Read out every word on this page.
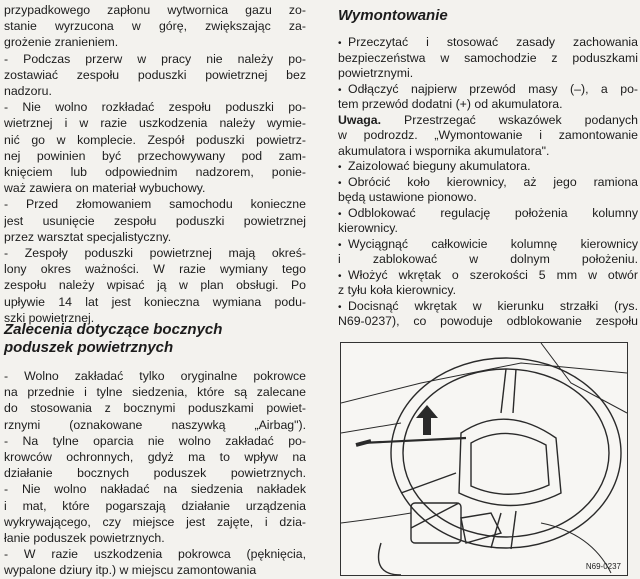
przypadkowego zapłonu wytwornica gazu zo-
stanie wyrzucona w górę, zwiększając za-
grożenie zranieniem.
- Podczas przerw w pracy nie należy po-
zostawiać zespołu poduszki powietrznej bez
nadzoru.
- Nie wolno rozkładać zespołu poduszki po-
wietrznej i w razie uszkodzenia należy wymie-
nić go w komplecie. Zespół poduszki powietrz-
nej powinien być przechowywany pod zam-
knięciem lub odpowiednim nadzorem, ponie-
waż zawiera on materiał wybuchowy.
- Przed złomowaniem samochodu konieczne
jest usunięcie zespołu poduszki powietrznej
przez warsztat specjalistyczny.
- Zespoły poduszki powietrznej mają okreś-
lony okres ważności. W razie wymiany tego
zespołu należy wpisać ją w plan obsługi. Po
upływie 14 lat jest konieczna wymiana podu-
szki powietrznej.
Zalecenia dotyczące bocznych
poduszek powietrznych
- Wolno zakładać tylko oryginalne pokrowce
na przednie i tylne siedzenia, które są zalecane
do stosowania z bocznymi poduszkami powiet-
rznymi (oznakowane naszywką „Airbag").
- Na tylne oparcia nie wolno zakładać po-
krowców ochronnych, gdyż ma to wpływ na
działanie bocznych poduszek powietrznych.
- Nie wolno nakładać na siedzenia nakładek
i mat, które pogarszają działanie urządzenia
wykrywającego, czy miejsce jest zajęte, i dzia-
łanie poduszek powietrznych.
- W razie uszkodzenia pokrowca (pęknięcia,
wypalone dziury itp.) w miejscu zamontowania
Wymontowanie
• Przeczytać i stosować zasady zachowania
bezpieczeństwa w samochodzie z poduszkami
powietrznymi.
• Odłączyć najpierw przewód masy (–), a po-
tem przewód dodatni (+) od akumulatora.
Uwaga. Przestrzegać wskazówek podanych
w podrozdz. „Wymontowanie i zamontowanie
akumulatora i wspornika akumulatora".
• Zaizolować bieguny akumulatora.
• Obrócić koło kierownicy, aż jego ramiona
będą ustawione pionowo.
• Odblokować regulację położenia kolumny
kierownicy.
• Wyciągnąć całkowicie kolumnę kierownicy
i zablokować w dolnym położeniu.
• Włożyć wkrętak o szerokości 5 mm w otwór
z tyłu koła kierownicy.
• Docisnąć wkrętak w kierunku strzałki (rys.
N69-0237), co powoduje odblokowanie zespołu
N69-0237
